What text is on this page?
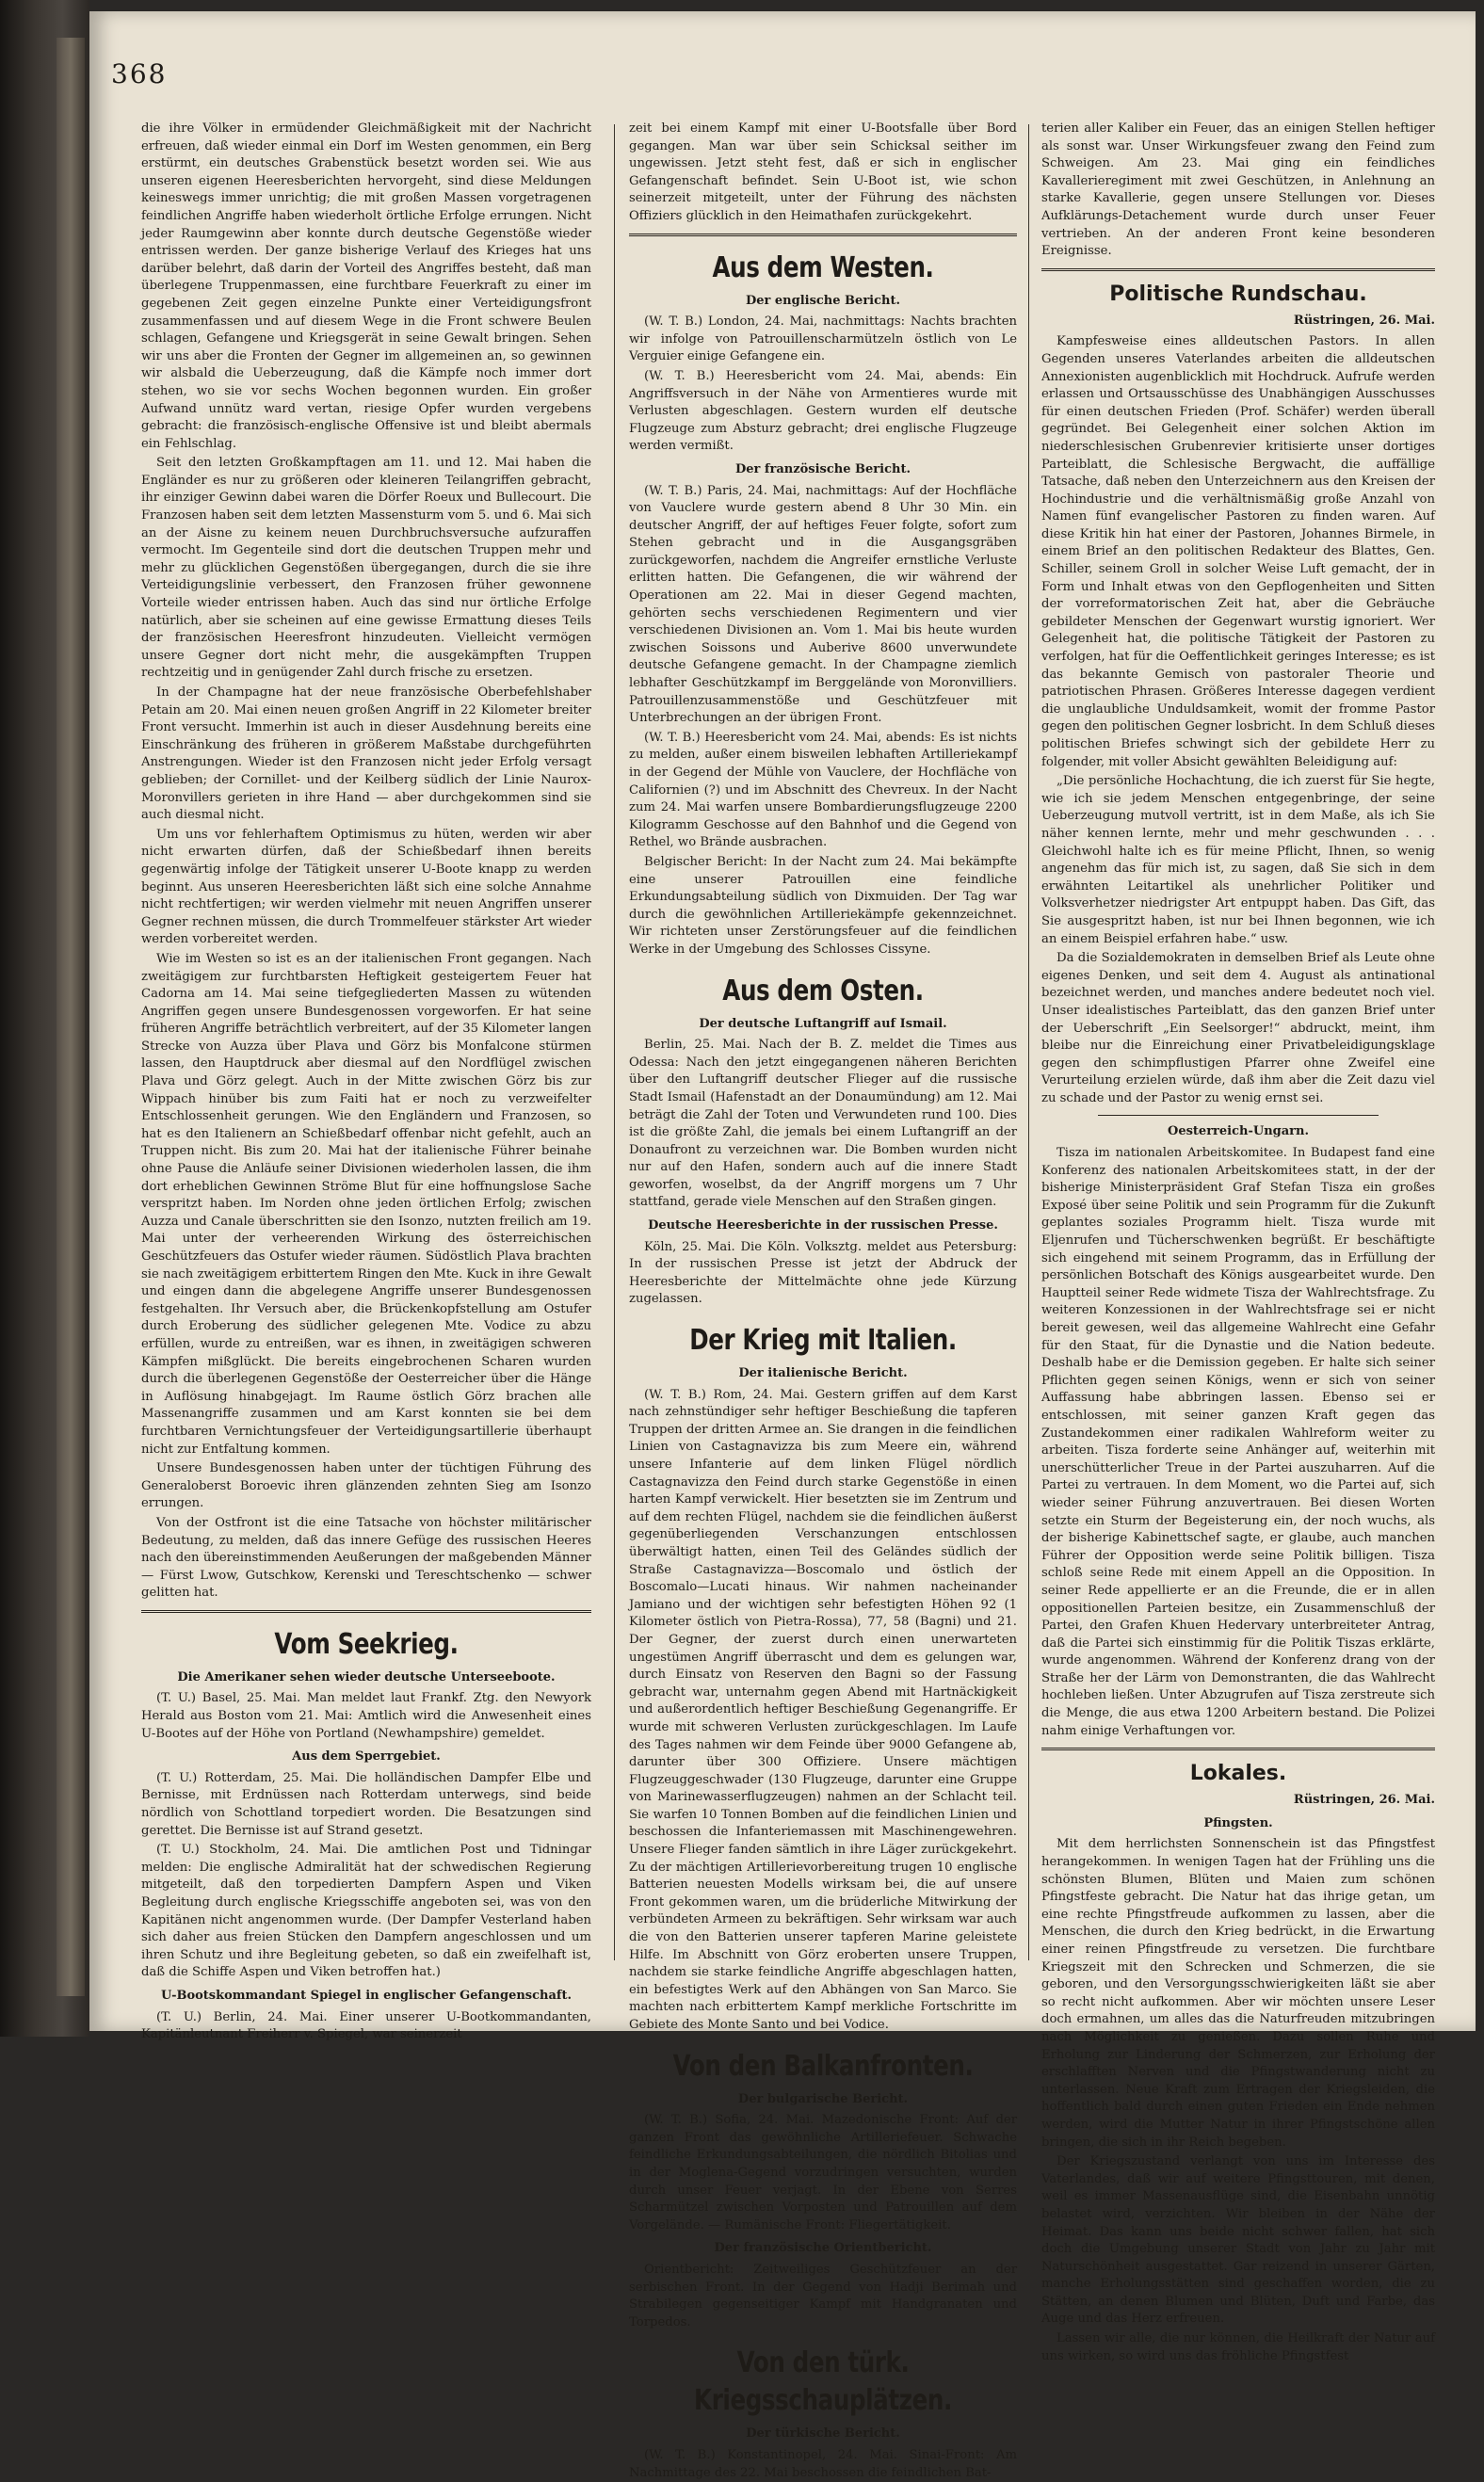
368

die ihre Völker in ermüdender Gleichmäßigkeit mit der Nachricht erfreuen, daß wieder einmal ein Dorf im Westen genommen, ein Berg erstürmt, ein deutsches Grabenstück besetzt worden sei. Wie aus unseren eigenen Heeresberichten hervorgeht, sind diese Meldungen keineswegs immer unrichtig; die mit großen Massen vorgetragenen feindlichen Angriffe haben wiederholt örtliche Erfolge errungen. Nicht jeder Raumgewinn aber konnte durch deutsche Gegenstöße wieder entrissen werden. Der ganze bisherige Verlauf des Krieges hat uns darüber belehrt, daß darin der Vorteil des Angriffes besteht, daß man überlegene Truppenmassen, eine furchtbare Feuerkraft zu einer im gegebenen Zeit gegen einzelne Punkte einer Verteidigungsfront zusammenfassen und auf diesem Wege in die Front schwere Beulen schlagen, Gefangene und Kriegsgerät in seine Gewalt bringen. Sehen wir uns aber die Fronten der Gegner im allgemeinen an, so gewinnen wir alsbald die Ueberzeugung, daß die Kämpfe noch immer dort stehen, wo sie vor sechs Wochen begonnen wurden. Ein großer Aufwand unnütz ward vertan, riesige Opfer wurden vergebens gebracht: die französisch-englische Offensive ist und bleibt abermals ein Fehlschlag.

Seit den letzten Großkampftagen am 11. und 12. Mai haben die Engländer es nur zu größeren oder kleineren Teilangriffen gebracht, ihr einziger Gewinn dabei waren die Dörfer Roeux und Bullecourt. Die Franzosen haben seit dem letzten Massensturm vom 5. und 6. Mai sich an der Aisne zu keinem neuen Durchbruchsversuche aufzuraffen vermocht. Im Gegenteile sind dort die deutschen Truppen mehr und mehr zu glücklichen Gegenstößen übergegangen, durch die sie ihre Verteidigungslinie verbessert, den Franzosen früher gewonnene Vorteile wieder entrissen haben. Auch das sind nur örtliche Erfolge natürlich, aber sie scheinen auf eine gewisse Ermattung dieses Teils der französischen Heeresfront hinzudeuten. Vielleicht vermögen unsere Gegner dort nicht mehr, die ausgekämpften Truppen rechtzeitig und in genügender Zahl durch frische zu ersetzen.

In der Champagne hat der neue französische Oberbefehlshaber Petain am 20. Mai einen neuen großen Angriff in 22 Kilometer breiter Front versucht. Immerhin ist auch in dieser Ausdehnung bereits eine Einschränkung des früheren in größerem Maßstabe durchgeführten Anstrengungen. Wieder ist den Franzosen nicht jeder Erfolg versagt geblieben; der Cornillet- und der Keilberg südlich der Linie Naurox-Moronvillers gerieten in ihre Hand — aber durchgekommen sind sie auch diesmal nicht.

Um uns vor fehlerhaftem Optimismus zu hüten, werden wir aber nicht erwarten dürfen, daß der Schießbedarf ihnen bereits gegenwärtig infolge der Tätigkeit unserer U-Boote knapp zu werden beginnt. Aus unseren Heeresberichten läßt sich eine solche Annahme nicht rechtfertigen; wir werden vielmehr mit neuen Angriffen unserer Gegner rechnen müssen, die durch Trommelfeuer stärkster Art wieder werden vorbereitet werden.

Wie im Westen so ist es an der italienischen Front gegangen. Nach zweitägigem zur furchtbarsten Heftigkeit gesteigertem Feuer hat Cadorna am 14. Mai seine tiefgegliederten Massen zu wütenden Angriffen gegen unsere Bundesgenossen vorgeworfen. Er hat seine früheren Angriffe beträchtlich verbreitert, auf der 35 Kilometer langen Strecke von Auzza über Plava und Görz bis Monfalcone stürmen lassen, den Hauptdruck aber diesmal auf den Nordflügel zwischen Plava und Görz gelegt. Auch in der Mitte zwischen Görz bis zur Wippach hinüber bis zum Faiti hat er noch zu verzweifelter Entschlossenheit gerungen. Wie den Engländern und Franzosen, so hat es den Italienern an Schießbedarf offenbar nicht gefehlt, auch an Truppen nicht. Bis zum 20. Mai hat der italienische Führer beinahe ohne Pause die Anläufe seiner Divisionen wiederholen lassen, die ihm dort erheblichen Gewinnen Ströme Blut für eine hoffnungslose Sache verspritzt haben. Im Norden ohne jeden örtlichen Erfolg; zwischen Auzza und Canale überschritten sie den Isonzo, nutzten freilich am 19. Mai unter der verheerenden Wirkung des österreichischen Geschützfeuers das Ostufer wieder räumen. Südöstlich Plava brachten sie nach zweitägigem erbittertem Ringen den Mte. Kuck in ihre Gewalt und eingen dann die abgelegene Angriffe unserer Bundesgenossen festgehalten. Ihr Versuch aber, die Brückenkopfstellung am Ostufer durch Eroberung des südlicher gelegenen Mte. Vodice zu abzu erfüllen, wurde zu entreißen, war es ihnen, in zweitägigen schweren Kämpfen mißglückt. Die bereits eingebrochenen Scharen wurden durch die überlegenen Gegenstöße der Oesterreicher über die Hänge in Auflösung hinabgejagt. Im Raume östlich Görz brachen alle Massenangriffe zusammen und am Karst konnten sie bei dem furchtbaren Vernichtungsfeuer der Verteidigungsartillerie überhaupt nicht zur Entfaltung kommen.

Unsere Bundesgenossen haben unter der tüchtigen Führung des Generaloberst Boroevic ihren glänzenden zehnten Sieg am Isonzo errungen.

Von der Ostfront ist die eine Tatsache von höchster militärischer Bedeutung, zu melden, daß das innere Gefüge des russischen Heeres nach den übereinstimmenden Aeußerungen der maßgebenden Männer — Fürst Lwow, Gutschkow, Kerenski und Tereschtschenko — schwer gelitten hat.

Vom Seekrieg.
Die Amerikaner sehen wieder deutsche Unterseeboote.

(T. U.) Basel, 25. Mai. Man meldet laut Frankf. Ztg. den Newyork Herald aus Boston vom 21. Mai: Amtlich wird die Anwesenheit eines U-Bootes auf der Höhe von Portland (Newhampshire) gemeldet.

Aus dem Sperrgebiet.

(T. U.) Rotterdam, 25. Mai. Die holländischen Dampfer Elbe und Bernisse, mit Erdnüssen nach Rotterdam unterwegs, sind beide nördlich von Schottland torpediert worden. Die Besatzungen sind gerettet. Die Bernisse ist auf Strand gesetzt.

(T. U.) Stockholm, 24. Mai. Die amtlichen Post und Tidningar melden: Die englische Admiralität hat der schwedischen Regierung mitgeteilt, daß den torpedierten Dampfern Aspen und Viken Begleitung durch englische Kriegsschiffe angeboten sei, was von den Kapitänen nicht angenommen wurde. (Der Dampfer Vesterland haben sich daher aus freien Stücken den Dampfern angeschlossen und um ihren Schutz und ihre Begleitung gebeten, so daß ein zweifelhaft ist, daß die Schiffe Aspen und Viken betroffen hat.)

U-Bootskommandant Spiegel in englischer Gefangenschaft.

(T. U.) Berlin, 24. Mai. Einer unserer U-Bootkommandanten, Kapitänleutnant Freiherr v. Spiegel, war seinerzeit

zeit bei einem Kampf mit einer U-Bootsfalle über Bord gegangen. Man war über sein Schicksal seither im ungewissen. Jetzt steht fest, daß er sich in englischer Gefangenschaft befindet. Sein U-Boot ist, wie schon seinerzeit mitgeteilt, unter der Führung des nächsten Offiziers glücklich in den Heimathafen zurückgekehrt.

Aus dem Westen.
Der englische Bericht.

(W. T. B.) London, 24. Mai, nachmittags: Nachts brachten wir infolge von Patrouillenscharmützeln östlich von Le Verguier einige Gefangene ein.

(W. T. B.) Heeresbericht vom 24. Mai, abends: Ein Angriffsversuch in der Nähe von Armentieres wurde mit Verlusten abgeschlagen. Gestern wurden elf deutsche Flugzeuge zum Absturz gebracht; drei englische Flugzeuge werden vermißt.

Der französische Bericht.

(W. T. B.) Paris, 24. Mai, nachmittags: Auf der Hochfläche von Vauclere wurde gestern abend 8 Uhr 30 Min. ein deutscher Angriff, der auf heftiges Feuer folgte, sofort zum Stehen gebracht und in die Ausgangsgräben zurückgeworfen, nachdem die Angreifer ernstliche Verluste erlitten hatten. Die Gefangenen, die wir während der Operationen am 22. Mai in dieser Gegend machten, gehörten sechs verschiedenen Regimentern und vier verschiedenen Divisionen an. Vom 1. Mai bis heute wurden zwischen Soissons und Auberive 8600 unverwundete deutsche Gefangene gemacht. In der Champagne ziemlich lebhafter Geschützkampf im Berggelände von Moronvilliers. Patrouillenzusammenstöße und Geschützfeuer mit Unterbrechungen an der übrigen Front.

(W. T. B.) Heeresbericht vom 24. Mai, abends: Es ist nichts zu melden, außer einem bisweilen lebhaften Artilleriekampf in der Gegend der Mühle von Vauclere, der Hochfläche von Californien (?) und im Abschnitt des Chevreux. In der Nacht zum 24. Mai warfen unsere Bombardierungsflugzeuge 2200 Kilogramm Geschosse auf den Bahnhof und die Gegend von Rethel, wo Brände ausbrachen.

Belgischer Bericht: In der Nacht zum 24. Mai bekämpfte eine unserer Patrouillen eine feindliche Erkundungsabteilung südlich von Dixmuiden. Der Tag war durch die gewöhnlichen Artilleriekämpfe gekennzeichnet. Wir richteten unser Zerstörungsfeuer auf die feindlichen Werke in der Umgebung des Schlosses Cissyne.

Aus dem Osten.
Der deutsche Luftangriff auf Ismail.

Berlin, 25. Mai. Nach der B. Z. meldet die Times aus Odessa: Nach den jetzt eingegangenen näheren Berichten über den Luftangriff deutscher Flieger auf die russische Stadt Ismail (Hafenstadt an der Donaumündung) am 12. Mai beträgt die Zahl der Toten und Verwundeten rund 100. Dies ist die größte Zahl, die jemals bei einem Luftangriff an der Donaufront zu verzeichnen war. Die Bomben wurden nicht nur auf den Hafen, sondern auch auf die innere Stadt geworfen, woselbst, da der Angriff morgens um 7 Uhr stattfand, gerade viele Menschen auf den Straßen gingen.

Deutsche Heeresberichte in der russischen Presse.

Köln, 25. Mai. Die Köln. Volksztg. meldet aus Petersburg: In der russischen Presse ist jetzt der Abdruck der Heeresberichte der Mittelmächte ohne jede Kürzung zugelassen.

Der Krieg mit Italien.
Der italienische Bericht.

(W. T. B.) Rom, 24. Mai. Gestern griffen auf dem Karst nach zehnstündiger sehr heftiger Beschießung die tapferen Truppen der dritten Armee an. Sie drangen in die feindlichen Linien von Castagnavizza bis zum Meere ein, während unsere Infanterie auf dem linken Flügel nördlich Castagnavizza den Feind durch starke Gegenstöße in einen harten Kampf verwickelt. Hier besetzten sie im Zentrum und auf dem rechten Flügel, nachdem sie die feindlichen äußerst gegenüberliegenden Verschanzungen entschlossen überwältigt hatten, einen Teil des Geländes südlich der Straße Castagnavizza—Boscomalo und östlich der Boscomalo—Lucati hinaus. Wir nahmen nacheinander Jamiano und der wichtigen sehr befestigten Höhen 92 (1 Kilometer östlich von Pietra-Rossa), 77, 58 (Bagni) und 21. Der Gegner, der zuerst durch einen unerwarteten ungestümen Angriff überrascht und dem es gelungen war, durch Einsatz von Reserven den Bagni so der Fassung gebracht war, unternahm gegen Abend mit Hartnäckigkeit und außerordentlich heftiger Beschießung Gegenangriffe. Er wurde mit schweren Verlusten zurückgeschlagen. Im Laufe des Tages nahmen wir dem Feinde über 9000 Gefangene ab, darunter über 300 Offiziere. Unsere mächtigen Flugzeuggeschwader (130 Flugzeuge, darunter eine Gruppe von Marinewasserflugzeugen) nahmen an der Schlacht teil. Sie warfen 10 Tonnen Bomben auf die feindlichen Linien und beschossen die Infanteriemassen mit Maschinengewehren. Unsere Flieger fanden sämtlich in ihre Läger zurückgekehrt. Zu der mächtigen Artillerievorbereitung trugen 10 englische Batterien neuesten Modells wirksam bei, die auf unsere Front gekommen waren, um die brüderliche Mitwirkung der verbündeten Armeen zu bekräftigen. Sehr wirksam war auch die von den Batterien unserer tapferen Marine geleistete Hilfe. Im Abschnitt von Görz eroberten unsere Truppen, nachdem sie starke feindliche Angriffe abgeschlagen hatten, ein befestigtes Werk auf den Abhängen von San Marco. Sie machten nach erbittertem Kampf merkliche Fortschritte im Gebiete des Monte Santo und bei Vodice.

Von den Balkanfronten.
Der bulgarische Bericht.

(W. T. B.) Sofia, 24. Mai. Mazedonische Front: Auf der ganzen Front das gewöhnliche Artilleriefeuer. Schwache feindliche Erkundungsabteilungen, die nördlich Bitolias und in der Moglena-Gegend vorzudringen versuchten, wurden durch unser Feuer verjagt. In der Ebene von Serres Scharmützel zwischen Vorposten und Patrouillen auf dem Vorgelände. — Rumänische Front: Fliegertätigkeit.

Der französische Orientbericht.

Orientbericht: Zeitweiliges Geschützfeuer an der serbischen Front. In der Gegend von Hadji Berimah und Strabilegen gegenseitiger Kampf mit Handgranaten und Torpedos.

Von den türk. Kriegsschauplätzen.
Der türkische Bericht.

(W. T. B.) Konstantinopel, 24. Mai. Sinai-Front: Am Nachmittage des 22. Mai beschossen die feindlichen Bat-

terien aller Kaliber ein Feuer, das an einigen Stellen heftiger als sonst war. Unser Wirkungsfeuer zwang den Feind zum Schweigen. Am 23. Mai ging ein feindliches Kavallerieregiment mit zwei Geschützen, in Anlehnung an starke Kavallerie, gegen unsere Stellungen vor. Dieses Aufklärungs-Detachement wurde durch unser Feuer vertrieben. An der anderen Front keine besonderen Ereignisse.

Politische Rundschau.
Rüstringen, 26. Mai.

Kampfesweise eines alldeutschen Pastors. In allen Gegenden unseres Vaterlandes arbeiten die alldeutschen Annexionisten augenblicklich mit Hochdruck. Aufrufe werden erlassen und Ortsausschüsse des Unabhängigen Ausschusses für einen deutschen Frieden (Prof. Schäfer) werden überall gegründet. Bei Gelegenheit einer solchen Aktion im niederschlesischen Grubenrevier kritisierte unser dortiges Parteiblatt, die Schlesische Bergwacht, die auffällige Tatsache, daß neben den Unterzeichnern aus den Kreisen der Hochindustrie und die verhältnismäßig große Anzahl von Namen fünf evangelischer Pastoren zu finden waren. Auf diese Kritik hin hat einer der Pastoren, Johannes Birmele, in einem Brief an den politischen Redakteur des Blattes, Gen. Schiller, seinem Groll in solcher Weise Luft gemacht, der in Form und Inhalt etwas von den Gepflogenheiten und Sitten der vorreformatorischen Zeit hat, aber die Gebräuche gebildeter Menschen der Gegenwart wurstig ignoriert. Wer Gelegenheit hat, die politische Tätigkeit der Pastoren zu verfolgen, hat für die Oeffentlichkeit geringes Interesse; es ist das bekannte Gemisch von pastoraler Theorie und patriotischen Phrasen. Größeres Interesse dagegen verdient die unglaubliche Unduldsamkeit, womit der fromme Pastor gegen den politischen Gegner losbricht. In dem Schluß dieses politischen Briefes schwingt sich der gebildete Herr zu folgender, mit voller Absicht gewählten Beleidigung auf:

„Die persönliche Hochachtung, die ich zuerst für Sie hegte, wie ich sie jedem Menschen entgegenbringe, der seine Ueberzeugung mutvoll vertritt, ist in dem Maße, als ich Sie näher kennen lernte, mehr und mehr geschwunden . . . Gleichwohl halte ich es für meine Pflicht, Ihnen, so wenig angenehm das für mich ist, zu sagen, daß Sie sich in dem erwähnten Leitartikel als unehrlicher Politiker und Volksverhetzer niedrigster Art entpuppt haben. Das Gift, das Sie ausgespritzt haben, ist nur bei Ihnen begonnen, wie ich an einem Beispiel erfahren habe.“ usw.

Da die Sozialdemokraten in demselben Brief als Leute ohne eigenes Denken, und seit dem 4. August als antinational bezeichnet werden, und manches andere bedeutet noch viel. Unser idealistisches Parteiblatt, das den ganzen Brief unter der Ueberschrift „Ein Seelsorger!“ abdruckt, meint, ihm bleibe nur die Einreichung einer Privatbeleidigungsklage gegen den schimpflustigen Pfarrer ohne Zweifel eine Verurteilung erzielen würde, daß ihm aber die Zeit dazu viel zu schade und der Pastor zu wenig ernst sei.

Oesterreich-Ungarn.

Tisza im nationalen Arbeitskomitee. In Budapest fand eine Konferenz des nationalen Arbeitskomitees statt, in der der bisherige Ministerpräsident Graf Stefan Tisza ein großes Exposé über seine Politik und sein Programm für die Zukunft geplantes soziales Programm hielt. Tisza wurde mit Eljenrufen und Tücherschwenken begrüßt. Er beschäftigte sich eingehend mit seinem Programm, das in Erfüllung der persönlichen Botschaft des Königs ausgearbeitet wurde. Den Hauptteil seiner Rede widmete Tisza der Wahlrechtsfrage. Zu weiteren Konzessionen in der Wahlrechtsfrage sei er nicht bereit gewesen, weil das allgemeine Wahlrecht eine Gefahr für den Staat, für die Dynastie und die Nation bedeute. Deshalb habe er die Demission gegeben. Er halte sich seiner Pflichten gegen seinen Königs, wenn er sich von seiner Auffassung habe abbringen lassen. Ebenso sei er entschlossen, mit seiner ganzen Kraft gegen das Zustandekommen einer radikalen Wahlreform weiter zu arbeiten. Tisza forderte seine Anhänger auf, weiterhin mit unerschütterlicher Treue in der Partei auszuharren. Auf die Partei zu vertrauen. In dem Moment, wo die Partei auf, sich wieder seiner Führung anzuvertrauen. Bei diesen Worten setzte ein Sturm der Begeisterung ein, der noch wuchs, als der bisherige Kabinettschef sagte, er glaube, auch manchen Führer der Opposition werde seine Politik billigen. Tisza schloß seine Rede mit einem Appell an die Opposition. In seiner Rede appellierte er an die Freunde, die er in allen oppositionellen Parteien besitze, ein Zusammenschluß der Partei, den Grafen Khuen Hedervary unterbreiteter Antrag, daß die Partei sich einstimmig für die Politik Tiszas erklärte, wurde angenommen. Während der Konferenz drang von der Straße her der Lärm von Demonstranten, die das Wahlrecht hochleben ließen. Unter Abzugrufen auf Tisza zerstreute sich die Menge, die aus etwa 1200 Arbeitern bestand. Die Polizei nahm einige Verhaftungen vor.

Lokales.
Rüstringen, 26. Mai.
Pfingsten.

Mit dem herrlichsten Sonnenschein ist das Pfingstfest herangekommen. In wenigen Tagen hat der Frühling uns die schönsten Blumen, Blüten und Maien zum schönen Pfingstfeste gebracht. Die Natur hat das ihrige getan, um eine rechte Pfingstfreude aufkommen zu lassen, aber die Menschen, die durch den Krieg bedrückt, in die Erwartung einer reinen Pfingstfreude zu versetzen. Die furchtbare Kriegszeit mit den Schrecken und Schmerzen, die sie geboren, und den Versorgungsschwierigkeiten läßt sie aber so recht nicht aufkommen. Aber wir möchten unsere Leser doch ermahnen, um alles das die Naturfreuden mitzubringen nach Möglichkeit zu genießen. Dazu sollen Ruhe und Erholung zur Linderung der Schmerzen, zur Erholung der erschlafften Nerven und die Pfingstwanderung nicht zu unterlassen. Neue Kraft zum Ertragen der Kriegsleiden, die hoffentlich bald durch einen guten Frieden ein Ende nehmen werden, wird die Mutter Natur in ihrer Pfingstschöne allen bringen, die sich in ihr Reich begeben.

Der Kriegszustand verlangt von uns im Interesse des Vaterlandes, daß wir auf weitere Pfingsttouren, mit denen, weil es immer Massenausflüge sind, die Eisenbahn unnötig belastet wird, verzichten. Wir bleiben in der Nähe der Heimat. Das kann uns beide nicht schwer fallen, hat sich doch die Umgebung unserer Stadt von Jahr zu Jahr mit Naturschönheit ausgestattet. Gar reizend in unserer Gärten, manche Erholungsstätten sind geschaffen worden, die zu Stätten, an denen Blumen und Blüten, Duft und Farbe, das Auge und das Herz erfreuen.

Lassen wir alle, die nur können, die Heilkraft der Natur auf uns wirken, so wird uns das fröhliche Pfingstfest
